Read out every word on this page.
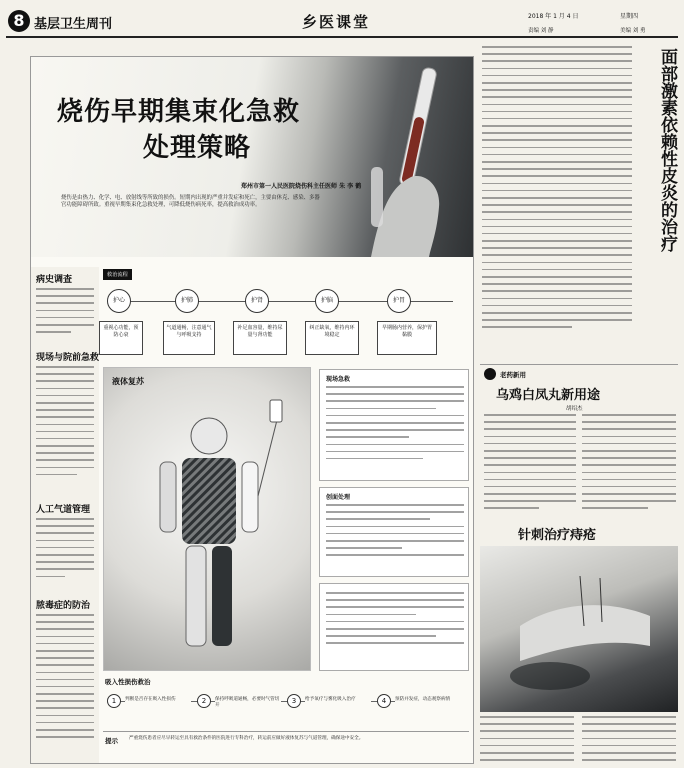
8 基层卫生周刊	乡医课堂	2018 年 1 月 4 日	星期四
责编 刘 静	美编 刘 勇
烧伤早期集束化急救
处理策略
郑州市第一人民医院烧伤科主任医师 朱 李 鹤
烧伤是由热力、化学、电、放射线等所致的损伤。短期内出现的严重并发症和死亡，主要由休克、感染、多器官功能障碍所致。重视早期集束化急救处理，可降低烧伤病死率，提高救治成功率。
救治流程
护心	护肺	护肾	护脑	护胃
重视心功能，预防心衰
气道通畅，注意通气与呼吸支持
补足血容量，维持尿量与肾功能
纠正缺氧，维持内环境稳定
早期肠内营养，保护胃黏膜
液体复苏	现场急救
创面处理
吸入性损伤救治
1	判断是否存在吸入性损伤	2	保持呼吸道通畅，必要时气管切开
3	给予氧疗与雾化吸入治疗	4	预防并发症，动态观察病情
提示 严重烧伤患者应尽早转运至具有救治条件的医院进行专科治疗，转运前应做好液体复苏与气道管理，确保途中安全。
病史调查
现场与院前急救
人工气道管理
脓毒症的防治
面部激素依赖性皮炎的治疗
老药新用
乌鸡白凤丸新用途
胡绍杰
针刺治疗痔疮
